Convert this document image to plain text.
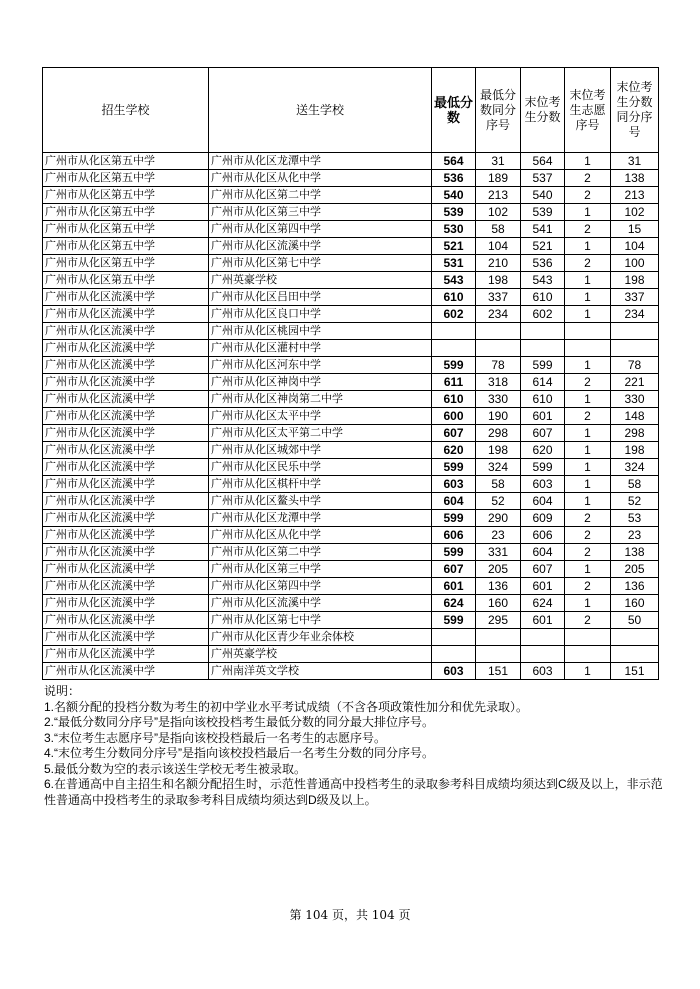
招生学校	送生学校	最低分数	最低分数同分序号	末位考生分数	末位考生志愿序号	末位考生分数同分序号
广州市从化区第五中学	广州市从化区龙潭中学	564	31	564	1	31
广州市从化区第五中学	广州市从化区从化中学	536	189	537	2	138
广州市从化区第五中学	广州市从化区第二中学	540	213	540	2	213
广州市从化区第五中学	广州市从化区第三中学	539	102	539	1	102
广州市从化区第五中学	广州市从化区第四中学	530	58	541	2	15
广州市从化区第五中学	广州市从化区流溪中学	521	104	521	1	104
广州市从化区第五中学	广州市从化区第七中学	531	210	536	2	100
广州市从化区第五中学	广州英豪学校	543	198	543	1	198
广州市从化区流溪中学	广州市从化区吕田中学	610	337	610	1	337
广州市从化区流溪中学	广州市从化区良口中学	602	234	602	1	234
广州市从化区流溪中学	广州市从化区桃园中学					
广州市从化区流溪中学	广州市从化区灌村中学					
广州市从化区流溪中学	广州市从化区河东中学	599	78	599	1	78
广州市从化区流溪中学	广州市从化区神岗中学	611	318	614	2	221
广州市从化区流溪中学	广州市从化区神岗第二中学	610	330	610	1	330
广州市从化区流溪中学	广州市从化区太平中学	600	190	601	2	148
广州市从化区流溪中学	广州市从化区太平第二中学	607	298	607	1	298
广州市从化区流溪中学	广州市从化区城郊中学	620	198	620	1	198
广州市从化区流溪中学	广州市从化区民乐中学	599	324	599	1	324
广州市从化区流溪中学	广州市从化区棋杆中学	603	58	603	1	58
广州市从化区流溪中学	广州市从化区鳌头中学	604	52	604	1	52
广州市从化区流溪中学	广州市从化区龙潭中学	599	290	609	2	53
广州市从化区流溪中学	广州市从化区从化中学	606	23	606	2	23
广州市从化区流溪中学	广州市从化区第二中学	599	331	604	2	138
广州市从化区流溪中学	广州市从化区第三中学	607	205	607	1	205
广州市从化区流溪中学	广州市从化区第四中学	601	136	601	2	136
广州市从化区流溪中学	广州市从化区流溪中学	624	160	624	1	160
广州市从化区流溪中学	广州市从化区第七中学	599	295	601	2	50
广州市从化区流溪中学	广州市从化区青少年业余体校					
广州市从化区流溪中学	广州英豪学校					
广州市从化区流溪中学	广州南洋英文学校	603	151	603	1	151

说明：

1.名额分配的投档分数为考生的初中学业水平考试成绩（不含各项政策性加分和优先录取）。

2.“最低分数同分序号”是指向该校投档考生最低分数的同分最大排位序号。

3.“末位考生志愿序号”是指向该校投档最后一名考生的志愿序号。

4.“末位考生分数同分序号”是指向该校投档最后一名考生分数的同分序号。

5.最低分数为空的表示该送生学校无考生被录取。

6.在普通高中自主招生和名额分配招生时，示范性普通高中投档考生的录取参考科目成绩均须达到C级及以上，非示范性普通高中投档考生的录取参考科目成绩均须达到D级及以上。

第 104 页，共 104 页
